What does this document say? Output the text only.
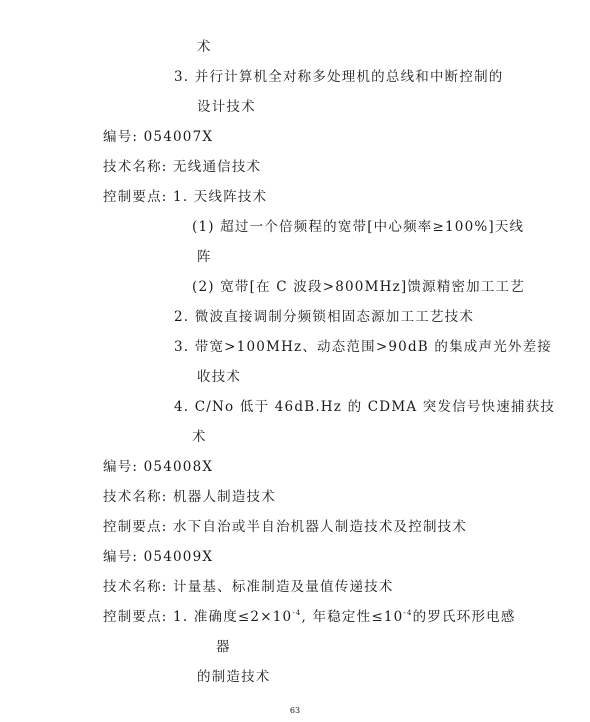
术
3. 并行计算机全对称多处理机的总线和中断控制的
设计技术
编号: 054007X
技术名称: 无线通信技术
控制要点: 1. 天线阵技术
(1) 超过一个倍频程的宽带[中心频率≥100%]天线
阵
(2) 宽带[在 C 波段>800MHz]馈源精密加工工艺
2. 微波直接调制分频锁相固态源加工工艺技术
3. 带宽>100MHz、动态范围>90dB 的集成声光外差接
收技术
4. C/No 低于 46dB.Hz 的 CDMA 突发信号快速捕获技
术
编号: 054008X
技术名称: 机器人制造技术
控制要点: 水下自治或半自治机器人制造技术及控制技术
编号: 054009X
技术名称: 计量基、标准制造及量值传递技术
控制要点: 1. 准确度$\le 2\times 10^{-4}$, 年稳定性$\le 10^{-4}$的罗氏环形电感
器
的制造技术
63
